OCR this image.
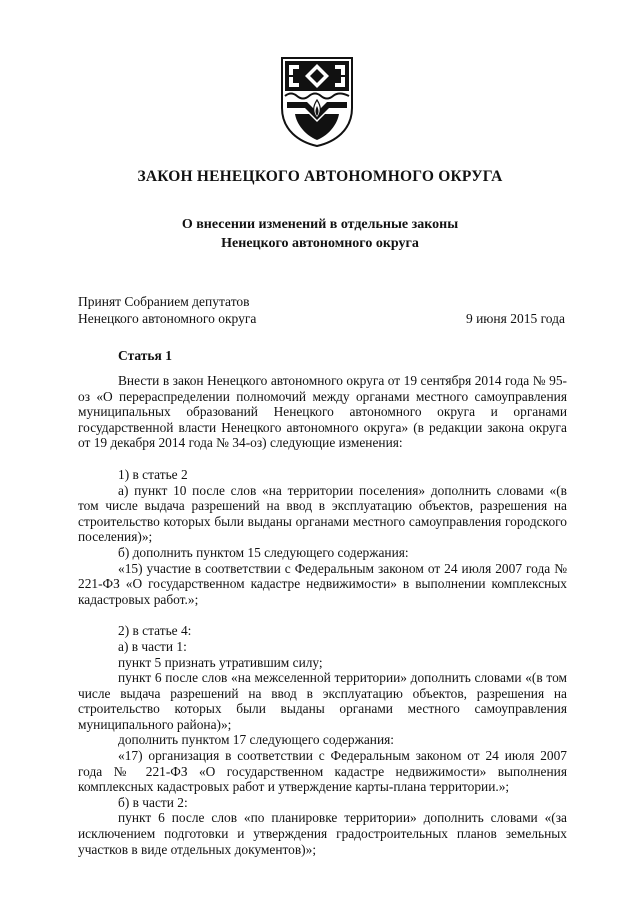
ЗАКОН НЕНЕЦКОГО АВТОНОМНОГО ОКРУГА
О внесении изменений в отдельные законы
Ненецкого автономного округа
Принят Собранием депутатов
Ненецкого автономного округа	9 июня 2015 года
Статья 1

Внести в закон Ненецкого автономного округа от 19 сентября 2014 года № 95-оз «О перераспределении полномочий между органами местного самоуправления муниципальных образований Ненецкого автономного округа и органами государственной власти Ненецкого автономного округа» (в редакции закона округа от 19 декабря 2014 года № 34-оз) следующие изменения:

1) в статье 2

а) пункт 10 после слов «на территории поселения» дополнить словами «(в том числе выдача разрешений на ввод в эксплуатацию объектов, разрешения на строительство которых были выданы органами местного самоуправления городского поселения)»;

б) дополнить пунктом 15 следующего содержания:

«15) участие в соответствии с Федеральным законом от 24 июля 2007 года № 221-ФЗ «О государственном кадастре недвижимости» в выполнении комплексных кадастровых работ.»;

2) в статье 4:

а) в части 1:

пункт 5 признать утратившим силу;

пункт 6 после слов «на межселенной территории» дополнить словами «(в том числе выдача разрешений на ввод в эксплуатацию объектов, разрешения на строительство которых были выданы органами местного самоуправления муниципального района)»;

дополнить пунктом 17 следующего содержания:

«17) организация в соответствии с Федеральным законом от 24 июля 2007 года № 221-ФЗ «О государственном кадастре недвижимости» выполнения комплексных кадастровых работ и утверждение карты-плана территории.»;

б) в части 2:

пункт 6 после слов «по планировке территории» дополнить словами «(за исключением подготовки и утверждения градостроительных планов земельных участков в виде отдельных документов)»;
